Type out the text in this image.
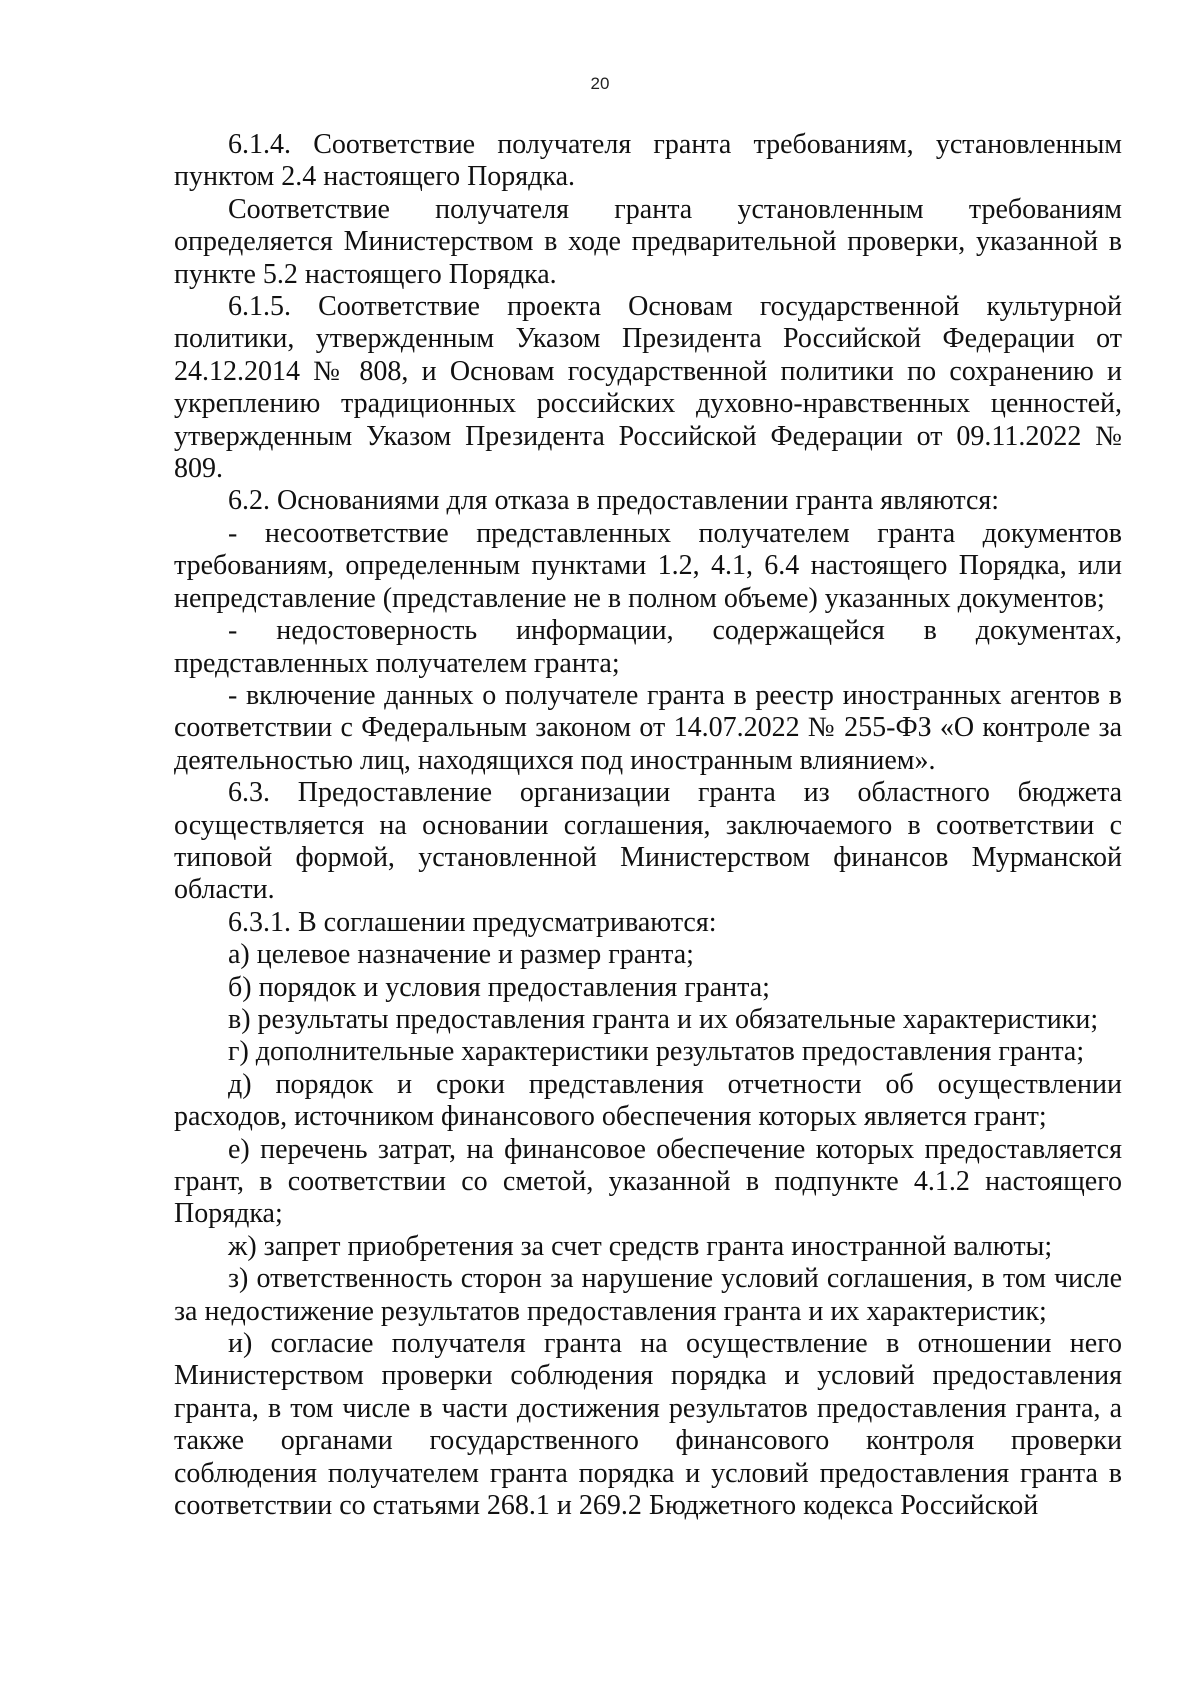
20

6.1.4. Соответствие получателя гранта требованиям, установленным пунктом 2.4 настоящего Порядка.

Соответствие получателя гранта установленным требованиям определяется Министерством в ходе предварительной проверки, указанной в пункте 5.2 настоящего Порядка.

6.1.5. Соответствие проекта Основам государственной культурной политики, утвержденным Указом Президента Российской Федерации от 24.12.2014 № 808, и Основам государственной политики по сохранению и укреплению традиционных российских духовно-нравственных ценностей, утвержденным Указом Президента Российской Федерации от 09.11.2022 № 809.

6.2. Основаниями для отказа в предоставлении гранта являются:

- несоответствие представленных получателем гранта документов требованиям, определенным пунктами 1.2, 4.1, 6.4 настоящего Порядка, или непредставление (представление не в полном объеме) указанных документов;

- недостоверность информации, содержащейся в документах, представленных получателем гранта;

- включение данных о получателе гранта в реестр иностранных агентов в соответствии с Федеральным законом от 14.07.2022 № 255-ФЗ «О контроле за деятельностью лиц, находящихся под иностранным влиянием».

6.3. Предоставление организации гранта из областного бюджета осуществляется на основании соглашения, заключаемого в соответствии с типовой формой, установленной Министерством финансов Мурманской области.

6.3.1. В соглашении предусматриваются:

а) целевое назначение и размер гранта;

б) порядок и условия предоставления гранта;

в) результаты предоставления гранта и их обязательные характеристики;

г) дополнительные характеристики результатов предоставления гранта;

д) порядок и сроки представления отчетности об осуществлении расходов, источником финансового обеспечения которых является грант;

е) перечень затрат, на финансовое обеспечение которых предоставляется грант, в соответствии со сметой, указанной в подпункте 4.1.2 настоящего Порядка;

ж) запрет приобретения за счет средств гранта иностранной валюты;

з) ответственность сторон за нарушение условий соглашения, в том числе за недостижение результатов предоставления гранта и их характеристик;

и) согласие получателя гранта на осуществление в отношении него Министерством проверки соблюдения порядка и условий предоставления гранта, в том числе в части достижения результатов предоставления гранта, а также органами государственного финансового контроля проверки соблюдения получателем гранта порядка и условий предоставления гранта в соответствии со статьями 268.1 и 269.2 Бюджетного кодекса Российской
